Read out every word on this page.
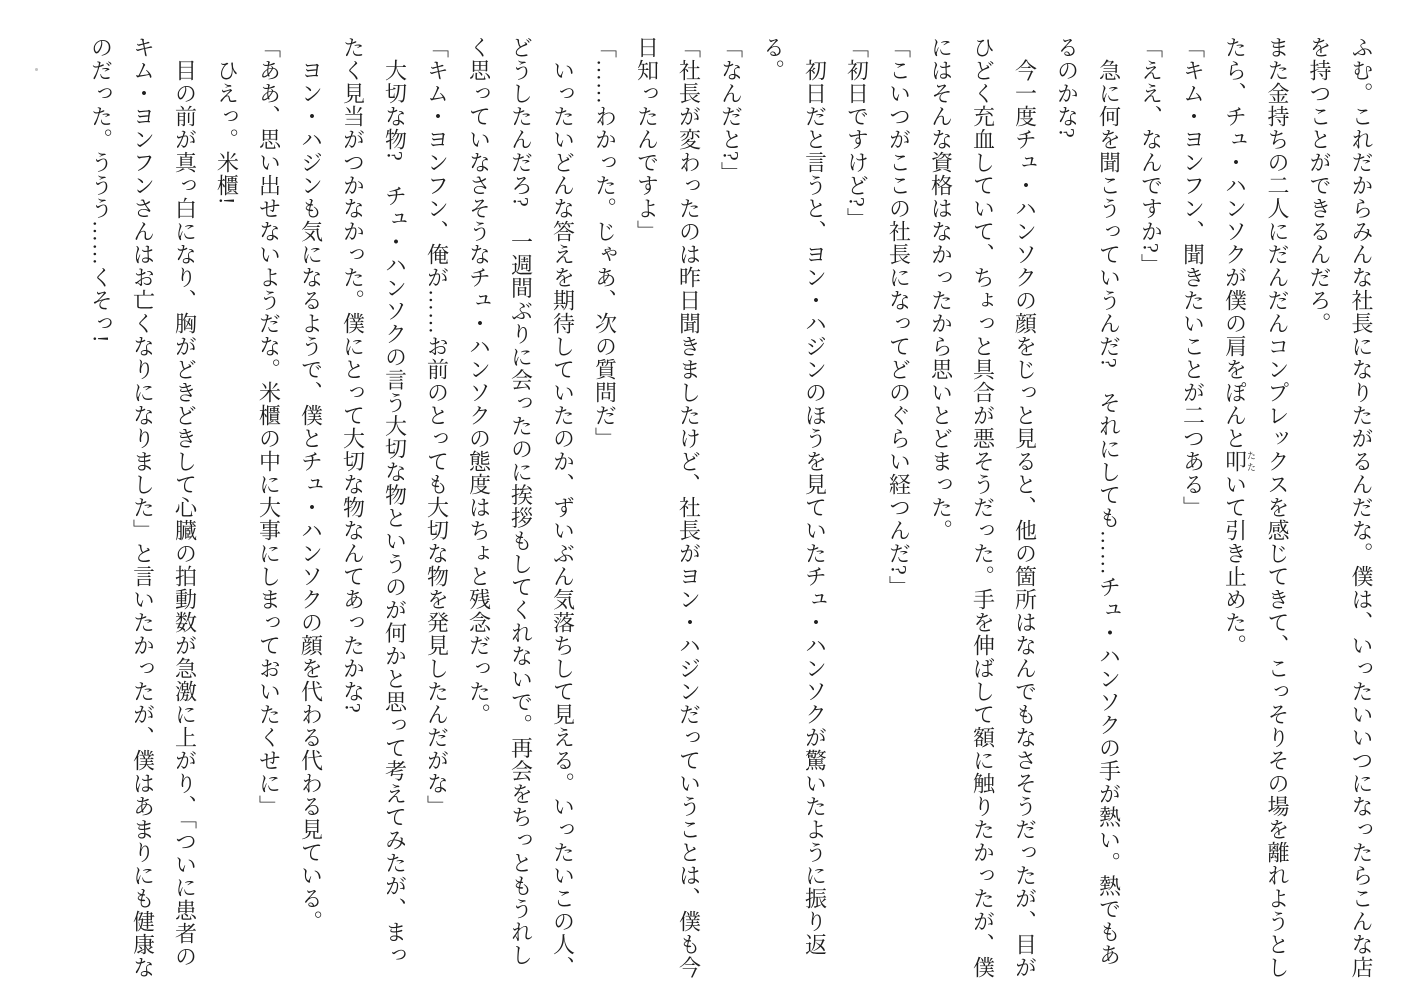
ふむ。これだからみんな社長になりたがるんだな。僕は、いったいいつになったらこんな店

を持つことができるんだろ。

また金持ちの二人にだんだんコンプレックスを感じてきて、こっそりその場を離れようとし

たら、チュ・ハンソクが僕の肩をぽんと叩たたいて引き止めた。

「キム・ヨンフン、聞きたいことが二つある」

「ええ、なんですか?」

急に何を聞こうっていうんだ?　それにしても……チュ・ハンソクの手が熱い。熱でもあ

るのかな?

今一度チュ・ハンソクの顔をじっと見ると、他の箇所はなんでもなさそうだったが、目が

ひどく充血していて、ちょっと具合が悪そうだった。手を伸ばして額に触りたかったが、僕

にはそんな資格はなかったから思いとどまった。

「こいつがここの社長になってどのぐらい経つんだ?」

「初日ですけど?」

初日だと言うと、ヨン・ハジンのほうを見ていたチュ・ハンソクが驚いたように振り返

る。

「なんだと?」

「社長が変わったのは昨日聞きましたけど、社長がヨン・ハジンだっていうことは、僕も今

日知ったんですよ」

「……わかった。じゃあ、次の質問だ」

いったいどんな答えを期待していたのか、ずいぶん気落ちして見える。いったいこの人、

どうしたんだろ?　一週間ぶりに会ったのに挨拶もしてくれないで。再会をちっともうれし

く思っていなさそうなチュ・ハンソクの態度はちょと残念だった。

「キム・ヨンフン、俺が……お前のとっても大切な物を発見したんだがな」

大切な物?　チュ・ハンソクの言う大切な物というのが何かと思って考えてみたが、まっ

たく見当がつかなかった。僕にとって大切な物なんてあったかな?

ヨン・ハジンも気になるようで、僕とチュ・ハンソクの顔を代わる代わる見ている。

「ああ、思い出せないようだな。米櫃の中に大事にしまっておいたくせに」

ひえっ。米櫃!

目の前が真っ白になり、胸がどきどきして心臓の拍動数が急激に上がり、「ついに患者の

キム・ヨンフンさんはお亡くなりになりました」と言いたかったが、僕はあまりにも健康な

のだった。ううう……くそっ!
